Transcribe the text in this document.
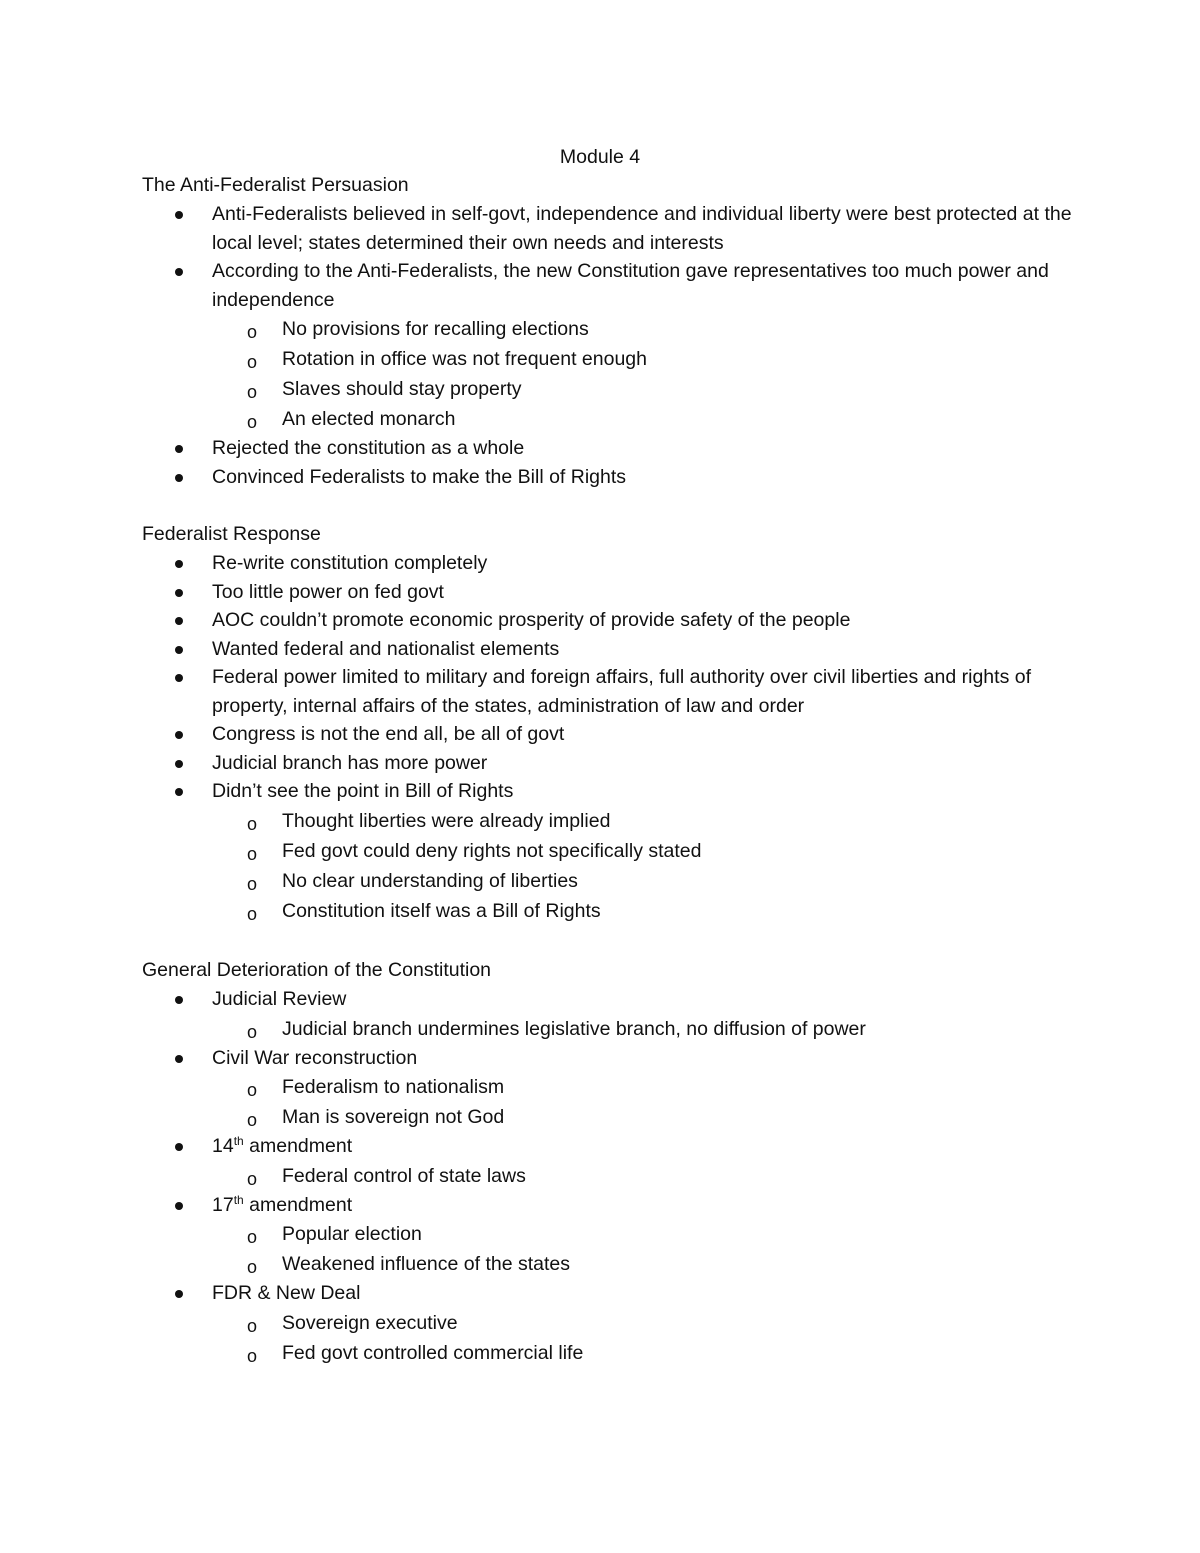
Module 4
The Anti-Federalist Persuasion
Anti-Federalists believed in self-govt, independence and individual liberty were best protected at the local level; states determined their own needs and interests
According to the Anti-Federalists, the new Constitution gave representatives too much power and independence
o No provisions for recalling elections
o Rotation in office was not frequent enough
o Slaves should stay property
o An elected monarch
Rejected the constitution as a whole
Convinced Federalists to make the Bill of Rights
Federalist Response
Re-write constitution completely
Too little power on fed govt
AOC couldn’t promote economic prosperity of provide safety of the people
Wanted federal and nationalist elements
Federal power limited to military and foreign affairs, full authority over civil liberties and rights of property, internal affairs of the states, administration of law and order
Congress is not the end all, be all of govt
Judicial branch has more power
Didn’t see the point in Bill of Rights
o Thought liberties were already implied
o Fed govt could deny rights not specifically stated
o No clear understanding of liberties
o Constitution itself was a Bill of Rights
General Deterioration of the Constitution
Judicial Review
o Judicial branch undermines legislative branch, no diffusion of power
Civil War reconstruction
o Federalism to nationalism
o Man is sovereign not God
14th amendment
o Federal control of state laws
17th amendment
o Popular election
o Weakened influence of the states
FDR & New Deal
o Sovereign executive
o Fed govt controlled commercial life
